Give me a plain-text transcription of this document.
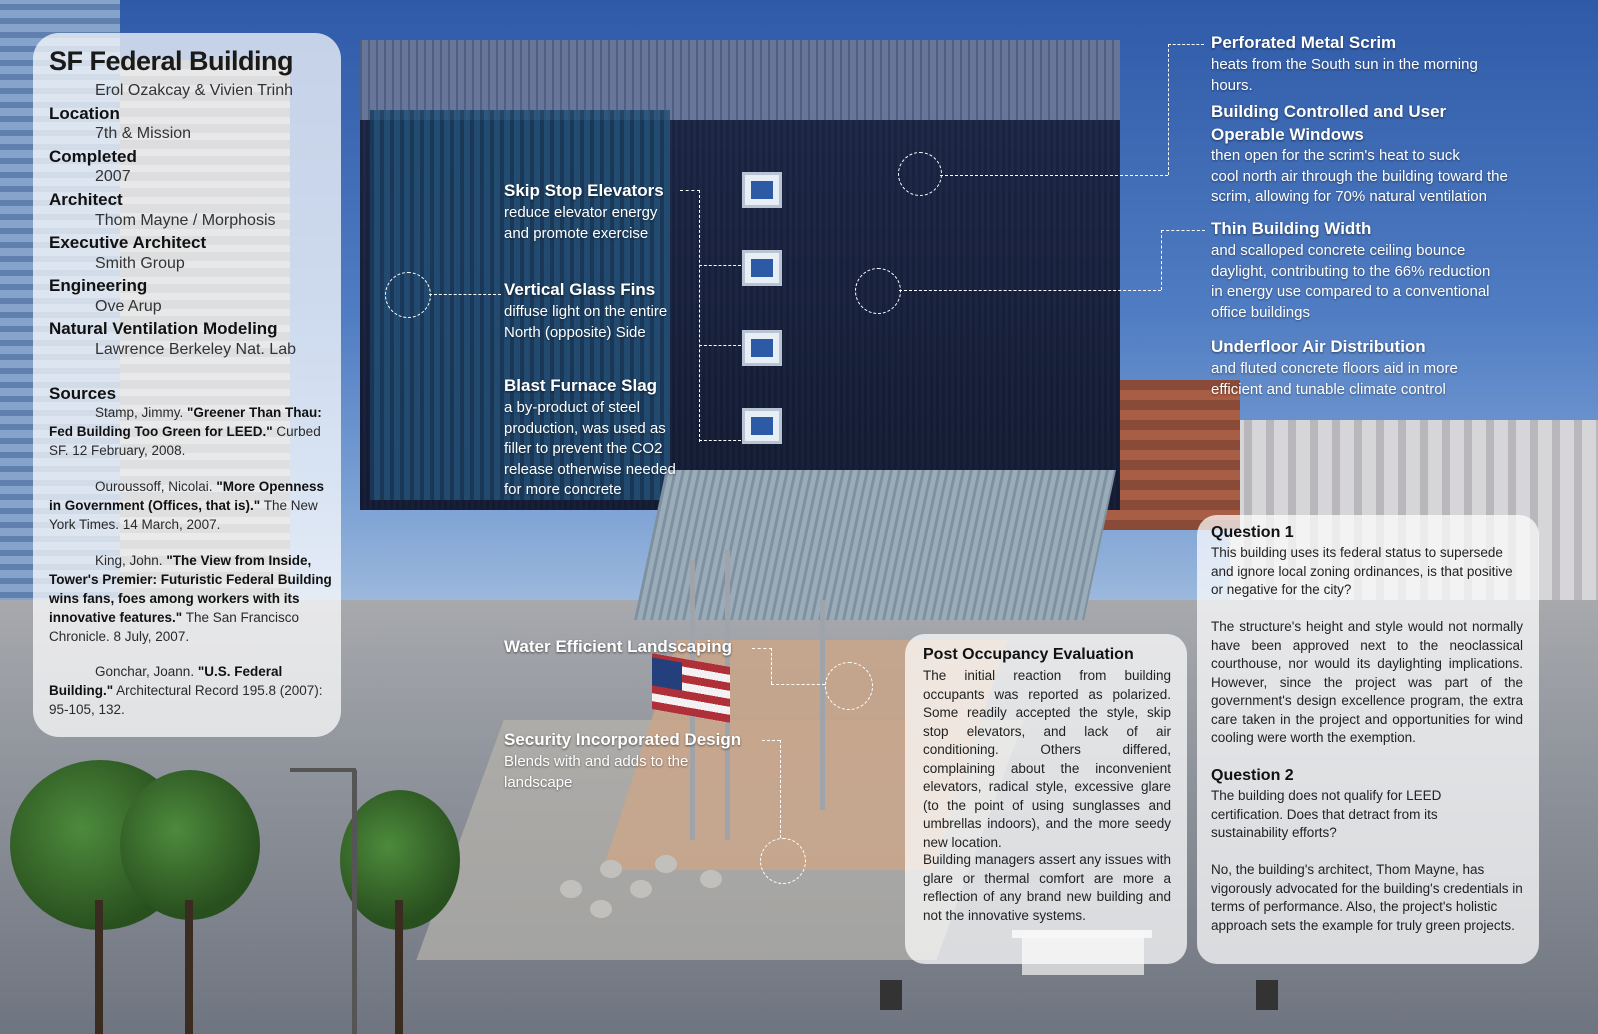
SF Federal Building
Erol Ozakcay & Vivien Trinh
Location
7th & Mission
Completed
2007
Architect
Thom Mayne / Morphosis
Executive Architect
Smith Group
Engineering
Ove Arup
Natural Ventilation Modeling
Lawrence Berkeley Nat. Lab
Sources
Stamp, Jimmy. "Greener Than Thau: Fed Building Too Green for LEED." Curbed SF. 12 February, 2008.
Ouroussoff, Nicolai. "More Openness in Government (Offices, that is)." The New York Times. 14 March, 2007.
King, John. "The View from Inside, Tower's Premier: Futuristic Federal Building wins fans, foes among workers with its innovative features." The San Francisco Chronicle. 8 July, 2007.
Gonchar, Joann. "U.S. Federal Building." Architectural Record 195.8 (2007): 95-105, 132.
Skip Stop Elevators
reduce elevator energy
and promote exercise
Vertical Glass Fins
diffuse light on the entire
North (opposite) Side
Blast Furnace Slag
a by-product of steel
production, was used as
filler to prevent the CO2
release otherwise needed
for more concrete
Water Efficient Landscaping
Security Incorporated Design
Blends with and adds to the
landscape
Perforated Metal Scrim
heats from the South sun in the morning
hours.
Building Controlled and User
Operable Windows
then open for the scrim's heat to suck
cool north air through the building toward the
scrim, allowing for 70% natural ventilation
Thin Building Width
and scalloped concrete ceiling bounce
daylight, contributing to the 66% reduction
in energy use compared to a conventional
office buildings
Underfloor Air Distribution
and fluted concrete floors aid in more
efficient and tunable climate control
Post Occupancy Evaluation
The initial reaction from building occupants was reported as polarized. Some readily accepted the style, skip stop elevators, and lack of air conditioning. Others differed, complaining about the inconvenient elevators, radical style, excessive glare (to the point of using sunglasses and umbrellas indoors), and the more seedy new location.
Building managers assert any issues with glare or thermal comfort are more a reflection of any brand new building and not the innovative systems.
Question 1
This building uses its federal status to supersede and ignore local zoning ordinances, is that positive or negative for the city?
The structure's height and style would not normally have been approved next to the neoclassical courthouse, nor would its daylighting implications. However, since the project was part of the government's design excellence program, the extra care taken in the project and opportunities for wind cooling were worth the exemption.
Question 2
The building does not qualify for LEED certification. Does that detract from its sustainability efforts?
No, the building's architect, Thom Mayne, has vigorously advocated for the building's credentials in terms of performance. Also, the project's holistic approach sets the example for truly green projects.
